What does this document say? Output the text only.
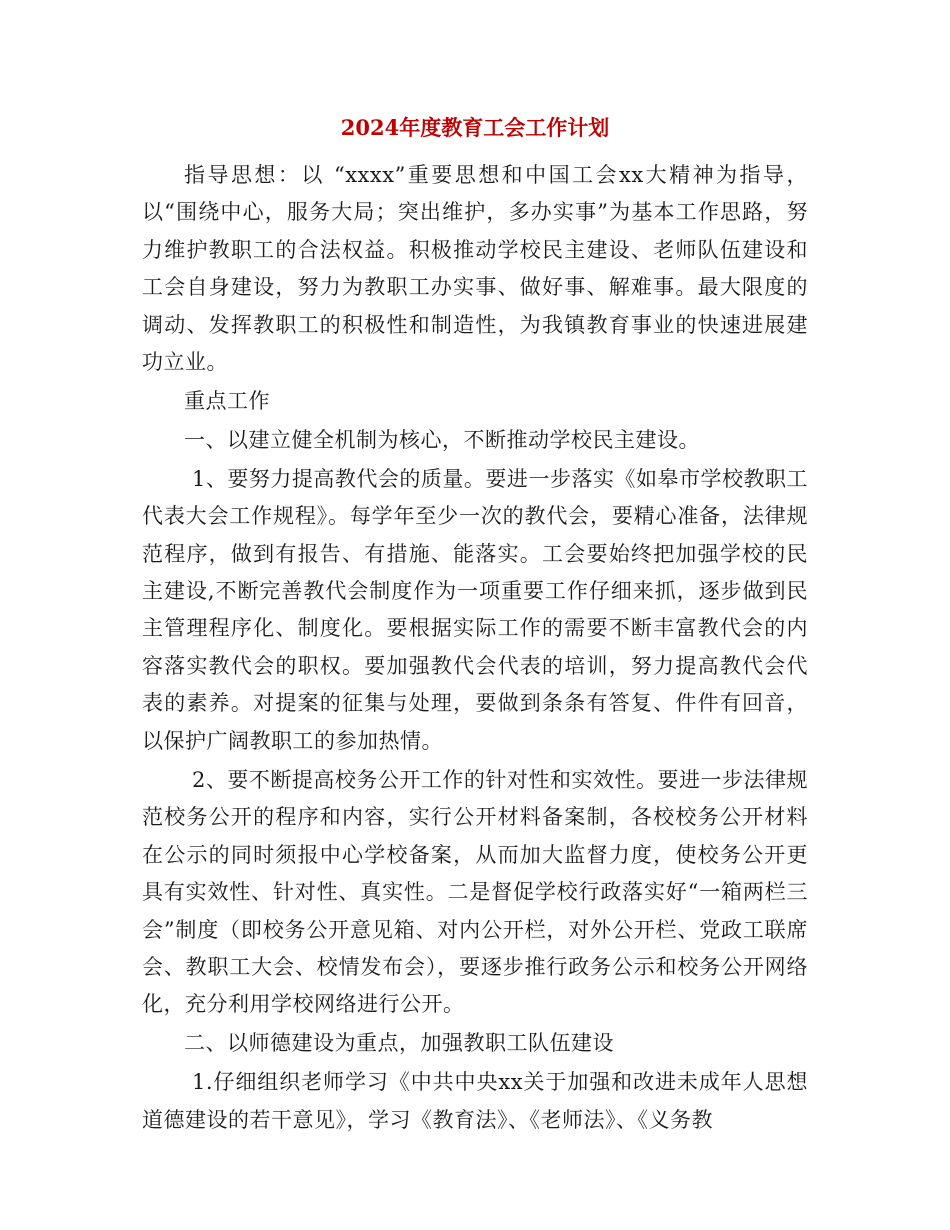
2024年度教育工会工作计划

指导思想：以 “xxxx”重要思想和中国工会xx大精神为指导，以“围绕中心，服务大局；突出维护，多办实事”为基本工作思路，努力维护教职工的合法权益。积极推动学校民主建设、老师队伍建设和工会自身建设，努力为教职工办实事、做好事、解难事。最大限度的调动、发挥教职工的积极性和制造性，为我镇教育事业的快速进展建功立业。

重点工作

一、以建立健全机制为核心，不断推动学校民主建设。

1、要努力提高教代会的质量。要进一步落实《如皋市学校教职工代表大会工作规程》。每学年至少一次的教代会，要精心准备，法律规范程序，做到有报告、有措施、能落实。工会要始终把加强学校的民主建设,不断完善教代会制度作为一项重要工作仔细来抓，逐步做到民主管理程序化、制度化。要根据实际工作的需要不断丰富教代会的内容落实教代会的职权。要加强教代会代表的培训，努力提高教代会代表的素养。对提案的征集与处理，要做到条条有答复、件件有回音，以保护广阔教职工的参加热情。

2、要不断提高校务公开工作的针对性和实效性。要进一步法律规范校务公开的程序和内容，实行公开材料备案制，各校校务公开材料在公示的同时须报中心学校备案，从而加大监督力度，使校务公开更具有实效性、针对性、真实性。二是督促学校行政落实好“一箱两栏三会”制度（即校务公开意见箱、对内公开栏，对外公开栏、党政工联席会、教职工大会、校情发布会），要逐步推行政务公示和校务公开网络化，充分利用学校网络进行公开。

二、以师德建设为重点，加强教职工队伍建设

1.仔细组织老师学习《中共中央xx关于加强和改进未成年人思想道德建设的若干意见》，学习《教育法》、《老师法》、《义务教
